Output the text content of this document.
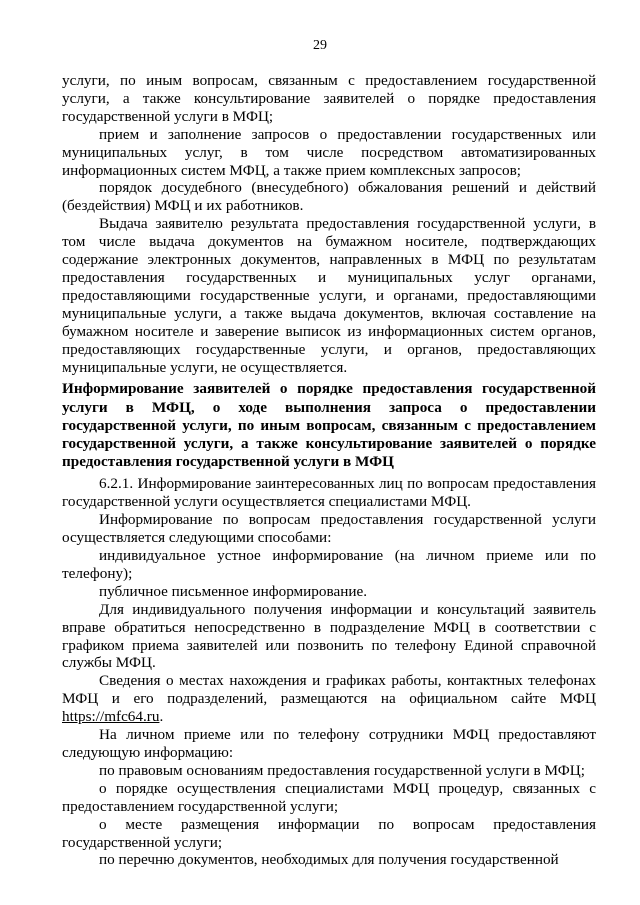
29

услуги, по иным вопросам, связанным с предоставлением государственной услуги, а также консультирование заявителей о порядке предоставления государственной услуги в МФЦ;

прием и заполнение запросов о предоставлении государственных или муниципальных услуг, в том числе посредством автоматизированных информационных систем МФЦ, а также прием комплексных запросов;

порядок досудебного (внесудебного) обжалования решений и действий (бездействия) МФЦ и их работников.

Выдача заявителю результата предоставления государственной услуги, в том числе выдача документов на бумажном носителе, подтверждающих содержание электронных документов, направленных в МФЦ по результатам предоставления государственных и муниципальных услуг органами, предоставляющими государственные услуги, и органами, предоставляющими муниципальные услуги, а также выдача документов, включая составление на бумажном носителе и заверение выписок из информационных систем органов, предоставляющих государственные услуги, и органов, предоставляющих муниципальные услуги, не осуществляется.

Информирование заявителей о порядке предоставления государственной услуги в МФЦ, о ходе выполнения запроса о предоставлении государственной услуги, по иным вопросам, связанным с предоставлением государственной услуги, а также консультирование заявителей о порядке предоставления государственной услуги в МФЦ

6.2.1. Информирование заинтересованных лиц по вопросам предоставления государственной услуги осуществляется специалистами МФЦ.

Информирование по вопросам предоставления государственной услуги осуществляется следующими способами:

индивидуальное устное информирование (на личном приеме или по телефону);

публичное письменное информирование.

Для индивидуального получения информации и консультаций заявитель вправе обратиться непосредственно в подразделение МФЦ в соответствии с графиком приема заявителей или позвонить по телефону Единой справочной службы МФЦ.

Сведения о местах нахождения и графиках работы, контактных телефонах МФЦ и его подразделений, размещаются на официальном сайте МФЦ https://mfc64.ru.

На личном приеме или по телефону сотрудники МФЦ предоставляют следующую информацию:

по правовым основаниям предоставления государственной услуги в МФЦ;

о порядке осуществления специалистами МФЦ процедур, связанных с предоставлением государственной услуги;

о месте размещения информации по вопросам предоставления государственной услуги;

по перечню документов, необходимых для получения государственной
